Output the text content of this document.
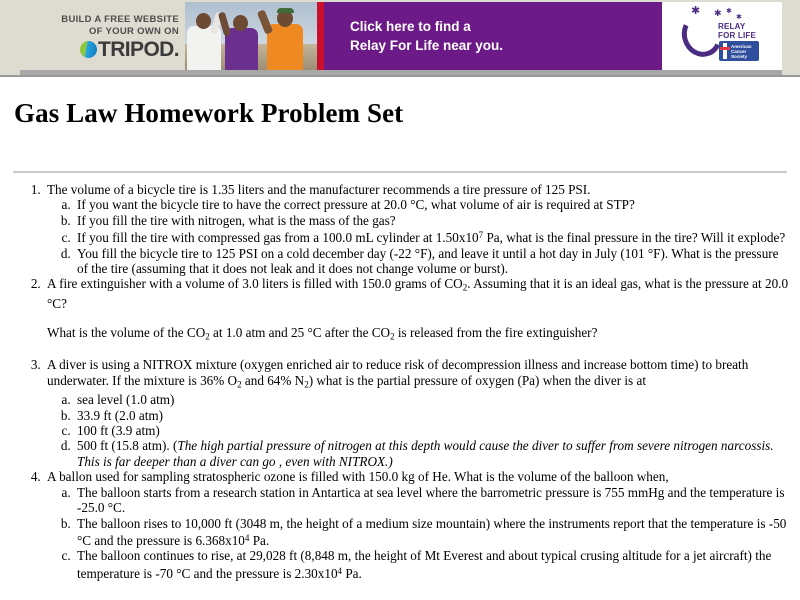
BUILD A FREE WEBSITE
OF YOUR OWN ON
TRIPOD.
Click here to find a
Relay For Life near you.
✱ ✱ ✱
✱
RELAY
FOR LIFE
American
Cancer
Society
Gas Law Homework Problem Set
1. The volume of a bicycle tire is 1.35 liters and the manufacturer recommends a tire pressure of 125 PSI.
a. If you want the bicycle tire to have the correct pressure at 20.0 °C, what volume of air is required at STP?
b. If you fill the tire with nitrogen, what is the mass of the gas?
c. If you fill the tire with compressed gas from a 100.0 mL cylinder at $1.50x10^7$ Pa, what is the final pressure in the tire? Will it explode?
d. You fill the bicycle tire to 125 PSI on a cold december day (-22 °F), and leave it until a hot day in July (101 °F). What is the pressure of the tire (assuming that it does not leak and it does not change volume or burst).
2. A fire extinguisher with a volume of 3.0 liters is filled with 150.0 grams of $CO_2$. Assuming that it is an ideal gas, what is the pressure at 20.0 °C?

What is the volume of the $CO_2$ at 1.0 atm and 25 °C after the $CO_2$ is released from the fire extinguisher?

3. A diver is using a NITROX mixture (oxygen enriched air to reduce risk of decompression illness and increase bottom time) to breath underwater. If the mixture is 36% $O_2$ and 64% $N_2$) what is the partial pressure of oxygen (Pa) when the diver is at
a. sea level (1.0 atm)
b. 33.9 ft (2.0 atm)
c. 100 ft (3.9 atm)
d. 500 ft (15.8 atm). (The high partial pressure of nitrogen at this depth would cause the diver to suffer from severe nitrogen narcossis. This is far deeper than a diver can go , even with NITROX.)
4. A ballon used for sampling stratospheric ozone is filled with 150.0 kg of He. What is the volume of the balloon when,
a. The balloon starts from a research station in Antartica at sea level where the barrometric pressure is 755 mmHg and the temperature is -25.0 °C.
b. The balloon rises to 10,000 ft (3048 m, the height of a medium size mountain) where the instruments report that the temperature is -50 °C and the pressure is $6.368x10^4$ Pa.
c. The balloon continues to rise, at 29,028 ft (8,848 m, the height of Mt Everest and about typical crusing altitude for a jet aircraft) the temperature is -70 °C and the pressure is $2.30x10^4$ Pa.
